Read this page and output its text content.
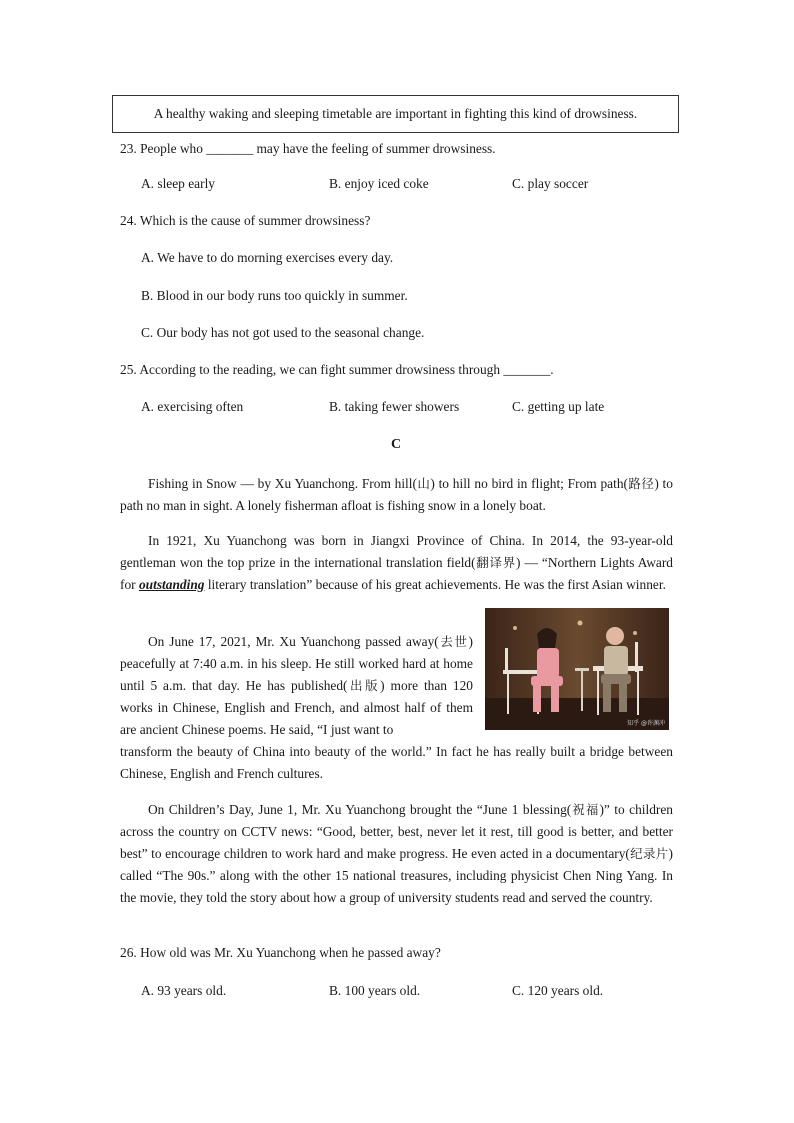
A healthy waking and sleeping timetable are important in fighting this kind of drowsiness.
23. People who _______ may have the feeling of summer drowsiness.
A. sleep early	B. enjoy iced coke	C. play soccer
24. Which is the cause of summer drowsiness?
A. We have to do morning exercises every day.
B. Blood in our body runs too quickly in summer.
C. Our body has not got used to the seasonal change.
25. According to the reading, we can fight summer drowsiness through _______.
A. exercising often	B. taking fewer showers	C. getting up late
C
Fishing in Snow — by Xu Yuanchong. From hill(山) to hill no bird in flight; From path(路径) to path no man in sight. A lonely fisherman afloat is fishing snow in a lonely boat.
In 1921, Xu Yuanchong was born in Jiangxi Province of China. In 2014, the 93-year-old gentleman won the top prize in the international translation field(翻译界) — “Northern Lights Award for outstanding literary translation” because of his great achievements. He was the first Asian winner.
知乎 @许渊冲
On June 17, 2021, Mr. Xu Yuanchong passed away(去世) peacefully at 7:40 a.m. in his sleep. He still worked hard at home until 5 a.m. that day. He has published(出版) more than 120 works in Chinese, English and French, and almost half of them are ancient Chinese poems. He said, “I just want to
transform the beauty of China into beauty of the world.” In fact he has really built a bridge between Chinese, English and French cultures.
On Children’s Day, June 1, Mr. Xu Yuanchong brought the “June 1 blessing(祝福)” to children across the country on CCTV news: “Good, better, best, never let it rest, till good is better, and better best” to encourage children to work hard and make progress. He even acted in a documentary(纪录片) called “The 90s.” along with the other 15 national treasures, including physicist Chen Ning Yang. In the movie, they told the story about how a group of university students read and served the country.
26. How old was Mr. Xu Yuanchong when he passed away?
A. 93 years old.	B. 100 years old.	C. 120 years old.
